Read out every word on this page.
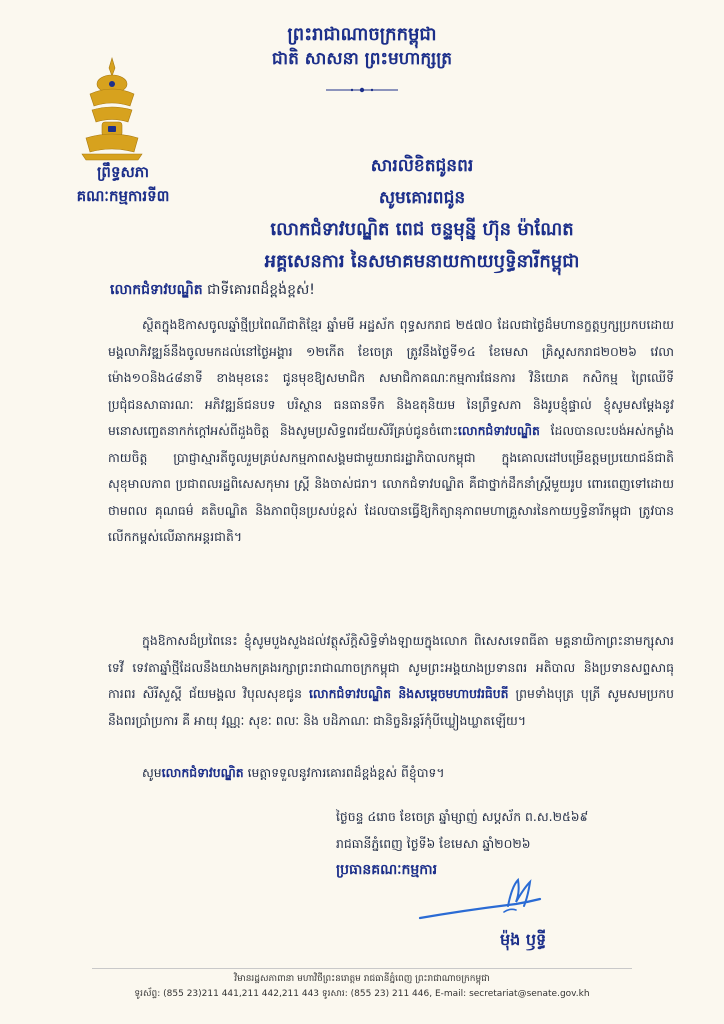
ព្រះរាជាណាចក្រកម្ពុជា
ជាតិ សាសនា ព្រះមហាក្សត្រ
ព្រឹទ្ធសភា
គណៈកម្មការទី៣
សារលិខិតជូនពរ
សូមគោរពជូន
លោកជំទាវបណ្ឌិត ពេជ ចន្ទមុន្នី ហ៊ុន ម៉ាណែត
អគ្គសេនការ នៃសមាគមនាយកាយឫទ្ធិនារីកម្ពុជា
លោកជំទាវបណ្ឌិត ជាទីគោរពដ៏ខ្ពង់ខ្ពស់!
ស្ថិតក្នុងឱកាសចូលឆ្នាំថ្មីប្រពៃណីជាតិខ្មែរ ឆ្នាំមមី អដ្ឋស័ក ពុទ្ធសករាជ ២៥៧០ ដែលជាថ្ងៃដ៏មហានក្ខត្តឫក្សប្រកបដោយមង្គលាភិវឌ្ឍន៍នឹងចូលមកដល់នៅថ្ងៃអង្គារ ១២កើត ខែចេត្រ ត្រូវនឹងថ្ងៃទី១៤ ខែមេសា គ្រិស្តសករាជ២០២៦ វេលាម៉ោង១០និង៤៨នាទី ខាងមុខនេះ ជូនមុខឱ្យសមាជិក សមាជិកាគណៈកម្មការផែនការ វិនិយោគ កសិកម្ម ព្រៃឈើទីប្រជុំជនសាធារណៈ អភិវឌ្ឍន៍ជនបទ បរិស្ថាន ធនធានទឹក និងឧតុនិយម នៃព្រឹទ្ធសភា និងរូបខ្ញុំផ្ទាល់ ខ្ញុំសូមសម្តែងនូវមនោសញ្ចេតនាកក់ក្តៅអស់ពីដួងចិត្ត និងសូមប្រសិទ្ធពរជ័យសិរីគ្រប់ជូនចំពោះលោកជំទាវបណ្ឌិត ដែលបានលះបង់អស់កម្លាំងកាយចិត្ត ប្រាជ្ញាស្មារតីចូលរួមគ្រប់សកម្មភាពសង្គមជាមួយរាជរដ្ឋាភិបាលកម្ពុជា ក្នុងគោលដៅបម្រើឧត្តមប្រយោជន៍ជាតិ សុខុមាលភាព ប្រជាពលរដ្ឋពិសេសកុមារ ស្ត្រី និងចាស់ជរា។ លោកជំទាវបណ្ឌិត គឺជាថ្នាក់ដឹកនាំស្ត្រីមួយរូប ពោរពេញទៅដោយថាមពល គុណធម៌ គតិបណ្ឌិត និងភាពប៉ិនប្រសប់ខ្ពស់ ដែលបានធ្វើឱ្យកិត្យានុភាពមហាគ្រួសារនៃកាយឫទ្ធិនារីកម្ពុជា ត្រូវបានលើកកម្ពស់លើឆាកអន្តរជាតិ។
ក្នុងឱកាសដ៏ប្រពៃនេះ ខ្ញុំសូមបួងសួងដល់វត្ថុស័ក្តិសិទ្ធិទាំងឡាយក្នុងលោក ពិសេសទេពធីតា មគ្គនាយិកាព្រះនាមក្សុសារទេវី ទេវតាឆ្នាំថ្មីដែលនឹងយាងមកគ្រងរក្សាព្រះរាជាណាចក្រកម្ពុជា សូមព្រះអង្គយាងប្រទានពរ អតិបាល និងប្រទានសព្ទសាធុការពរ សិរីសួស្តី ជ័យមង្គល វិបុលសុខជូន លោកជំទាវបណ្ឌិត និងសម្តេចមហាបវរធិបតី ព្រមទាំងបុត្រ បុត្រី សូមសមប្រកបនឹងពរប្រាំប្រការ គឺ អាយុ វណ្ណៈ សុខៈ ពលៈ និង បដិភាណៈ ជានិច្ចនិរន្តរ៍កុំបីឃ្លៀងឃ្លាតឡើយ។
សូមលោកជំទាវបណ្ឌិត មេត្តាទទួលនូវការគោរពដ៏ខ្ពង់ខ្ពស់ ពីខ្ញុំបាទ។
ថ្ងៃចន្ទ ៤រោច ខែចេត្រ ឆ្នាំម្សាញ់ សប្តស័ក ព.ស.២៥៦៩
រាជធានីភ្នំពេញ ថ្ងៃទី៦ ខែមេសា ឆ្នាំ២០២៦
ប្រធានគណៈកម្មការ
ម៉ុង ឫទ្ធី
វិមានរដ្ឋសភាពានា មហាវិថីព្រះនរោត្តម រាជធានីភ្នំពេញ ព្រះរាជាណាចក្រកម្ពុជា
ទូរស័ព្ទ: (855 23)211 441,211 442,211 443 ទូរសារ: (855 23) 211 446, E-mail: secretariat@senate.gov.kh
